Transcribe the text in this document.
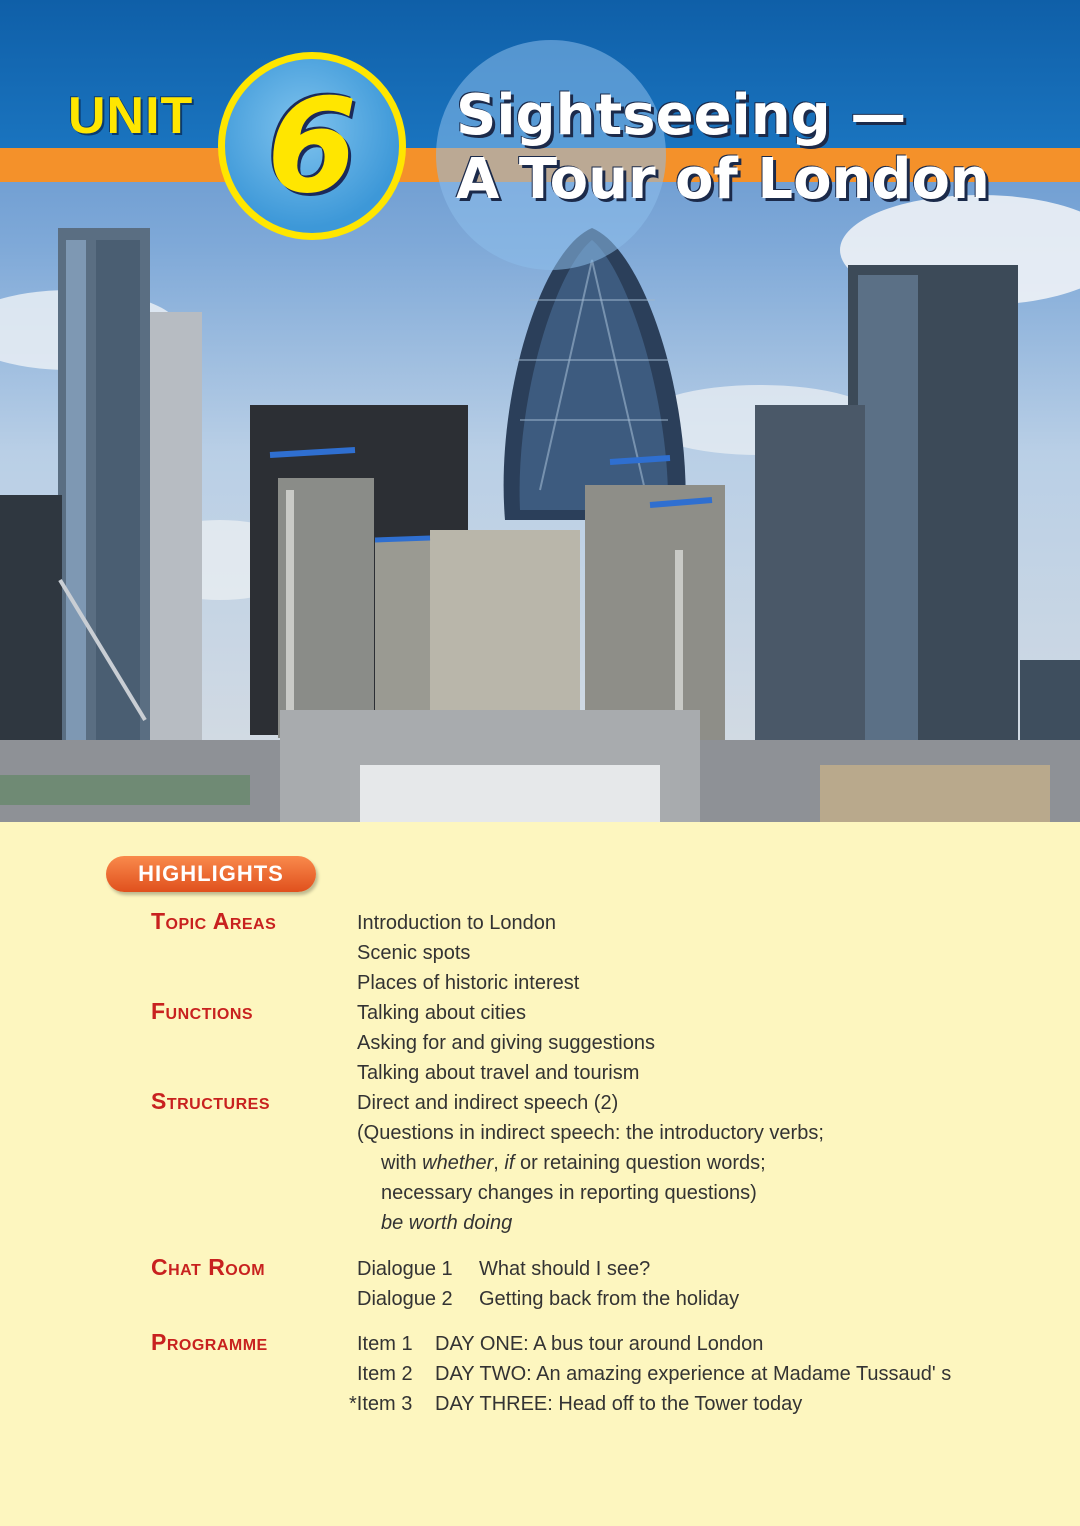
UNIT 6	Sightseeing —
A Tour of London
HIGHLIGHTS
Topic Areas	Introduction to London
Scenic spots
Places of historic interest
Functions	Talking about cities
Asking for and giving suggestions
Talking about travel and tourism
Structures	Direct and indirect speech (2)
(Questions in indirect speech: the introductory verbs;
with whether, if or retaining question words;
necessary changes in reporting questions)
be worth doing
Chat Room	Dialogue 1 What should I see?
Dialogue 2 Getting back from the holiday
Programme	Item 1 DAY ONE: A bus tour around London
Item 2 DAY TWO: An amazing experience at Madame Tussaud' s
*Item 3 DAY THREE: Head off to the Tower today
